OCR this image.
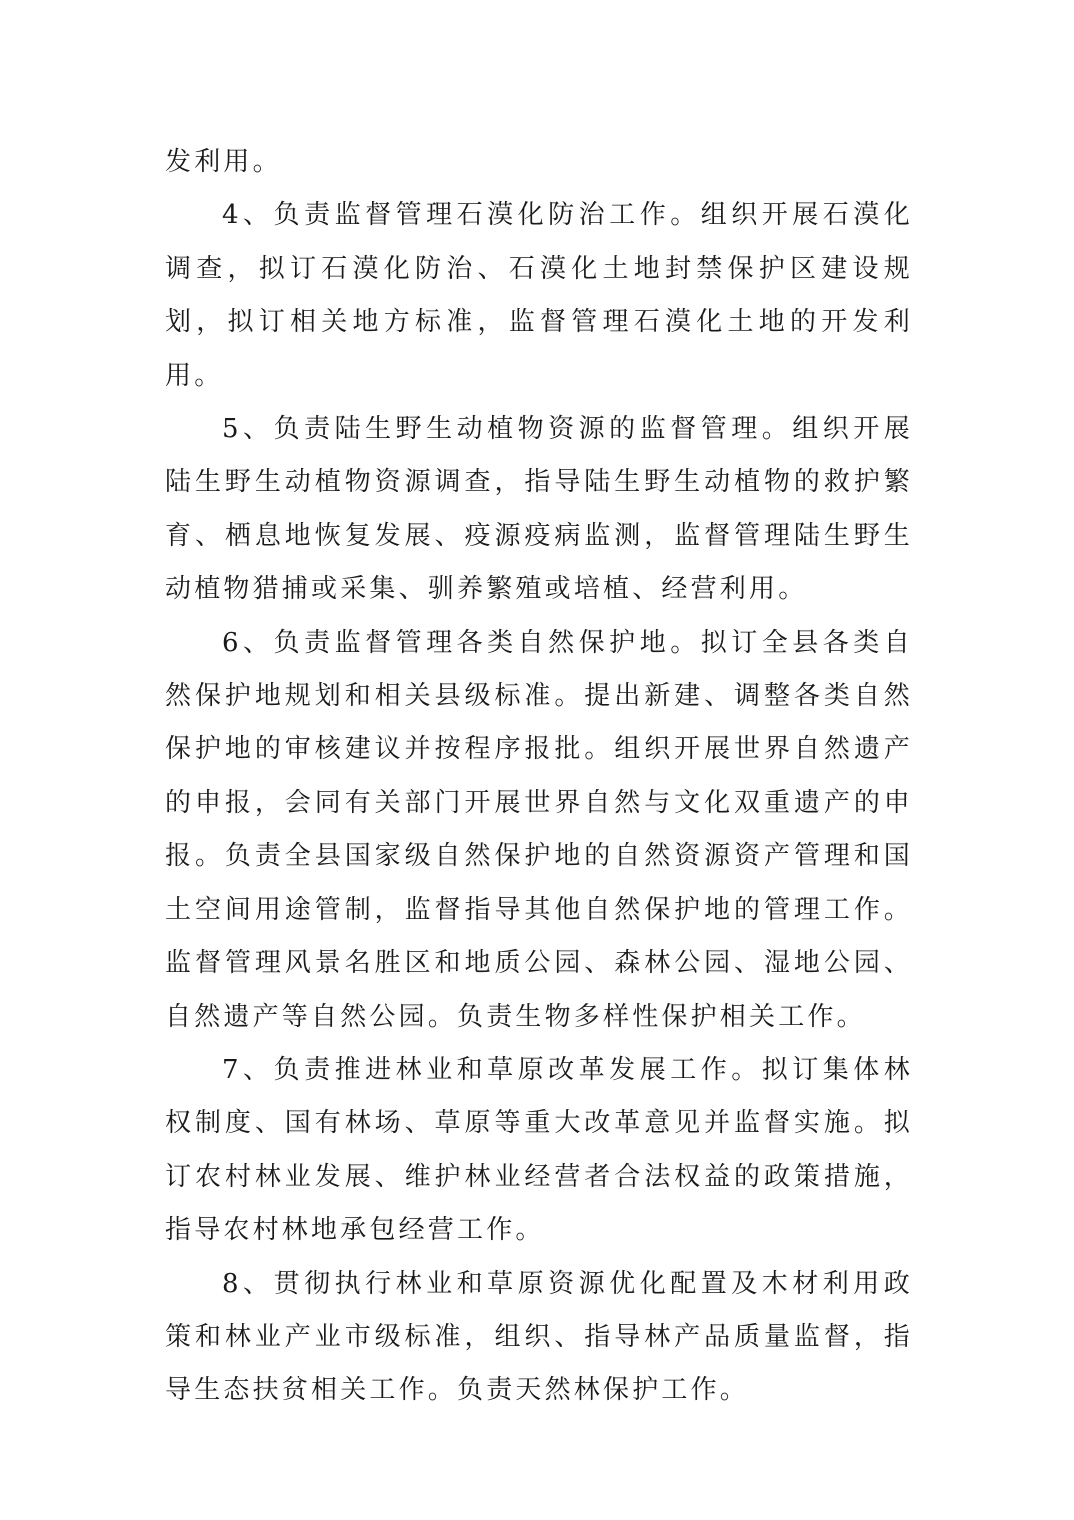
发利用。

4、负责监督管理石漠化防治工作。组织开展石漠化调查，拟订石漠化防治、石漠化土地封禁保护区建设规划，拟订相关地方标准，监督管理石漠化土地的开发利用。

5、负责陆生野生动植物资源的监督管理。组织开展陆生野生动植物资源调查，指导陆生野生动植物的救护繁育、栖息地恢复发展、疫源疫病监测，监督管理陆生野生动植物猎捕或采集、驯养繁殖或培植、经营利用。

6、负责监督管理各类自然保护地。拟订全县各类自然保护地规划和相关县级标准。提出新建、调整各类自然保护地的审核建议并按程序报批。组织开展世界自然遗产的申报，会同有关部门开展世界自然与文化双重遗产的申报。负责全县国家级自然保护地的自然资源资产管理和国土空间用途管制，监督指导其他自然保护地的管理工作。监督管理风景名胜区和地质公园、森林公园、湿地公园、自然遗产等自然公园。负责生物多样性保护相关工作。

7、负责推进林业和草原改革发展工作。拟订集体林权制度、国有林场、草原等重大改革意见并监督实施。拟订农村林业发展、维护林业经营者合法权益的政策措施，指导农村林地承包经营工作。

8、贯彻执行林业和草原资源优化配置及木材利用政策和林业产业市级标准，组织、指导林产品质量监督，指导生态扶贫相关工作。负责天然林保护工作。
